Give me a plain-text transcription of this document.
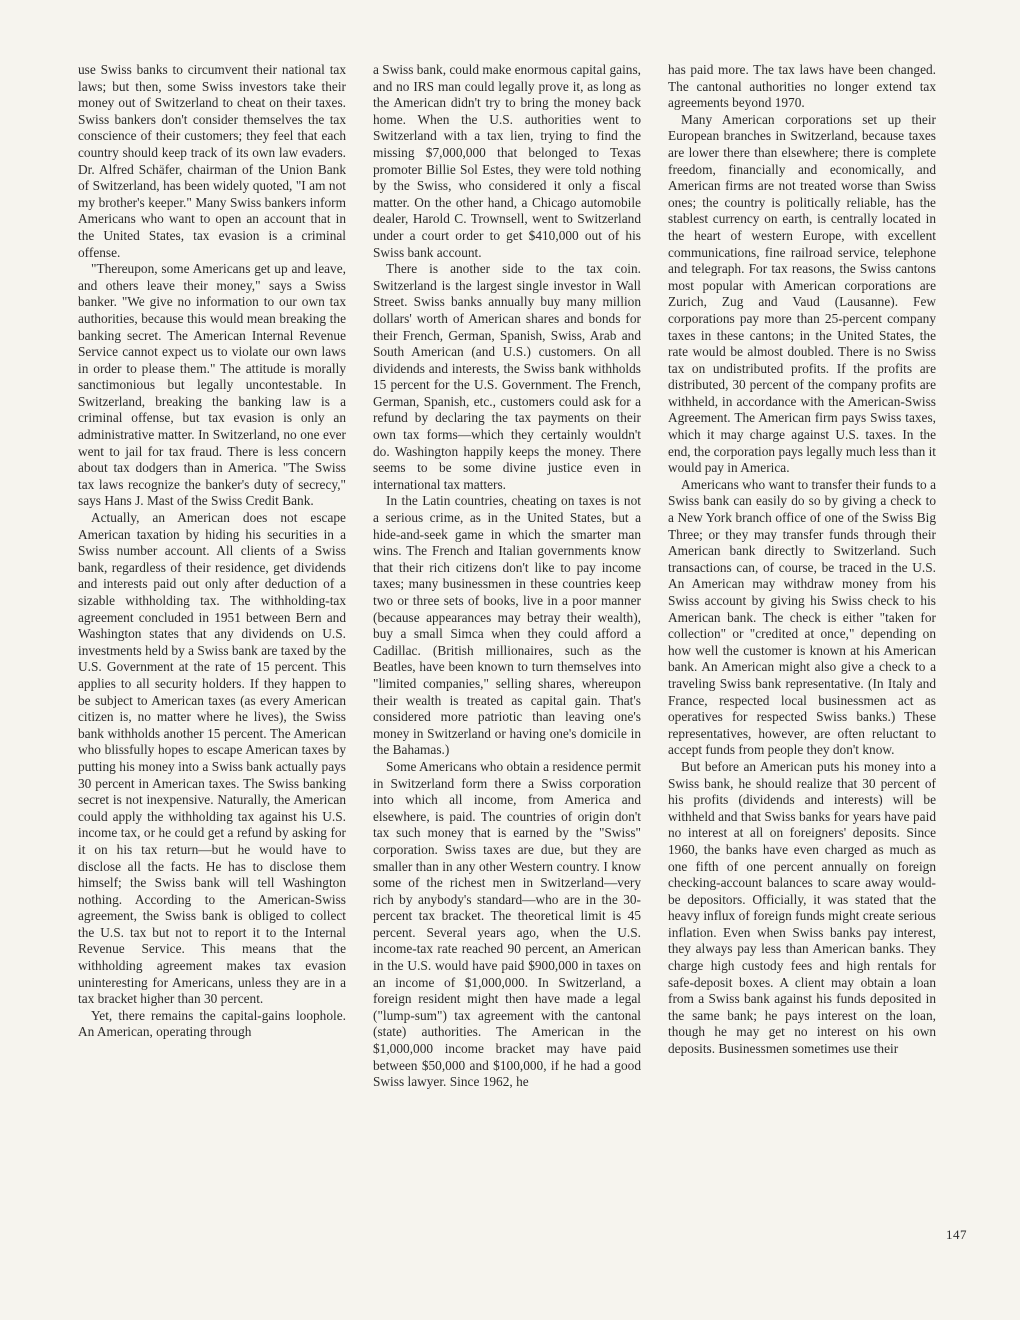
use Swiss banks to circumvent their national tax laws; but then, some Swiss investors take their money out of Switzerland to cheat on their taxes. Swiss bankers don't consider themselves the tax conscience of their customers; they feel that each country should keep track of its own law evaders. Dr. Alfred Schäfer, chairman of the Union Bank of Switzerland, has been widely quoted, "I am not my brother's keeper." Many Swiss bankers inform Americans who want to open an account that in the United States, tax evasion is a criminal offense.

"Thereupon, some Americans get up and leave, and others leave their money," says a Swiss banker. "We give no information to our own tax authorities, because this would mean breaking the banking secret. The American Internal Revenue Service cannot expect us to violate our own laws in order to please them." The attitude is morally sanctimonious but legally uncontestable. In Switzerland, breaking the banking law is a criminal offense, but tax evasion is only an administrative matter. In Switzerland, no one ever went to jail for tax fraud. There is less concern about tax dodgers than in America. "The Swiss tax laws recognize the banker's duty of secrecy," says Hans J. Mast of the Swiss Credit Bank.

Actually, an American does not escape American taxation by hiding his securities in a Swiss number account. All clients of a Swiss bank, regardless of their residence, get dividends and interests paid out only after deduction of a sizable withholding tax. The withholding-tax agreement concluded in 1951 between Bern and Washington states that any dividends on U.S. investments held by a Swiss bank are taxed by the U.S. Government at the rate of 15 percent. This applies to all security holders. If they happen to be subject to American taxes (as every American citizen is, no matter where he lives), the Swiss bank withholds another 15 percent. The American who blissfully hopes to escape American taxes by putting his money into a Swiss bank actually pays 30 percent in American taxes. The Swiss banking secret is not inexpensive. Naturally, the American could apply the withholding tax against his U.S. income tax, or he could get a refund by asking for it on his tax return—but he would have to disclose all the facts. He has to disclose them himself; the Swiss bank will tell Washington nothing. According to the American-Swiss agreement, the Swiss bank is obliged to collect the U.S. tax but not to report it to the Internal Revenue Service. This means that the withholding agreement makes tax evasion uninteresting for Americans, unless they are in a tax bracket higher than 30 percent.

Yet, there remains the capital-gains loophole. An American, operating through

a Swiss bank, could make enormous capital gains, and no IRS man could legally prove it, as long as the American didn't try to bring the money back home. When the U.S. authorities went to Switzerland with a tax lien, trying to find the missing $7,000,000 that belonged to Texas promoter Billie Sol Estes, they were told nothing by the Swiss, who considered it only a fiscal matter. On the other hand, a Chicago automobile dealer, Harold C. Trownsell, went to Switzerland under a court order to get $410,000 out of his Swiss bank account.

There is another side to the tax coin. Switzerland is the largest single investor in Wall Street. Swiss banks annually buy many million dollars' worth of American shares and bonds for their French, German, Spanish, Swiss, Arab and South American (and U.S.) customers. On all dividends and interests, the Swiss bank withholds 15 percent for the U.S. Government. The French, German, Spanish, etc., customers could ask for a refund by declaring the tax payments on their own tax forms—which they certainly wouldn't do. Washington happily keeps the money. There seems to be some divine justice even in international tax matters.

In the Latin countries, cheating on taxes is not a serious crime, as in the United States, but a hide-and-seek game in which the smarter man wins. The French and Italian governments know that their rich citizens don't like to pay income taxes; many businessmen in these countries keep two or three sets of books, live in a poor manner (because appearances may betray their wealth), buy a small Simca when they could afford a Cadillac. (British millionaires, such as the Beatles, have been known to turn themselves into "limited companies," selling shares, whereupon their wealth is treated as capital gain. That's considered more patriotic than leaving one's money in Switzerland or having one's domicile in the Bahamas.)

Some Americans who obtain a residence permit in Switzerland form there a Swiss corporation into which all income, from America and elsewhere, is paid. The countries of origin don't tax such money that is earned by the "Swiss" corporation. Swiss taxes are due, but they are smaller than in any other Western country. I know some of the richest men in Switzerland—very rich by anybody's standard—who are in the 30-percent tax bracket. The theoretical limit is 45 percent. Several years ago, when the U.S. income-tax rate reached 90 percent, an American in the U.S. would have paid $900,000 in taxes on an income of $1,000,000. In Switzerland, a foreign resident might then have made a legal ("lump-sum") tax agreement with the cantonal (state) authorities. The American in the $1,000,000 income bracket may have paid between $50,000 and $100,000, if he had a good Swiss lawyer. Since 1962, he

has paid more. The tax laws have been changed. The cantonal authorities no longer extend tax agreements beyond 1970.

Many American corporations set up their European branches in Switzerland, because taxes are lower there than elsewhere; there is complete freedom, financially and economically, and American firms are not treated worse than Swiss ones; the country is politically reliable, has the stablest currency on earth, is centrally located in the heart of western Europe, with excellent communications, fine railroad service, telephone and telegraph. For tax reasons, the Swiss cantons most popular with American corporations are Zurich, Zug and Vaud (Lausanne). Few corporations pay more than 25-percent company taxes in these cantons; in the United States, the rate would be almost doubled. There is no Swiss tax on undistributed profits. If the profits are distributed, 30 percent of the company profits are withheld, in accordance with the American-Swiss Agreement. The American firm pays Swiss taxes, which it may charge against U.S. taxes. In the end, the corporation pays legally much less than it would pay in America.

Americans who want to transfer their funds to a Swiss bank can easily do so by giving a check to a New York branch office of one of the Swiss Big Three; or they may transfer funds through their American bank directly to Switzerland. Such transactions can, of course, be traced in the U.S. An American may withdraw money from his Swiss account by giving his Swiss check to his American bank. The check is either "taken for collection" or "credited at once," depending on how well the customer is known at his American bank. An American might also give a check to a traveling Swiss bank representative. (In Italy and France, respected local businessmen act as operatives for respected Swiss banks.) These representatives, however, are often reluctant to accept funds from people they don't know.

But before an American puts his money into a Swiss bank, he should realize that 30 percent of his profits (dividends and interests) will be withheld and that Swiss banks for years have paid no interest at all on foreigners' deposits. Since 1960, the banks have even charged as much as one fifth of one percent annually on foreign checking-account balances to scare away would-be depositors. Officially, it was stated that the heavy influx of foreign funds might create serious inflation. Even when Swiss banks pay interest, they always pay less than American banks. They charge high custody fees and high rentals for safe-deposit boxes. A client may obtain a loan from a Swiss bank against his funds deposited in the same bank; he pays interest on the loan, though he may get no interest on his own deposits. Businessmen sometimes use their

147
